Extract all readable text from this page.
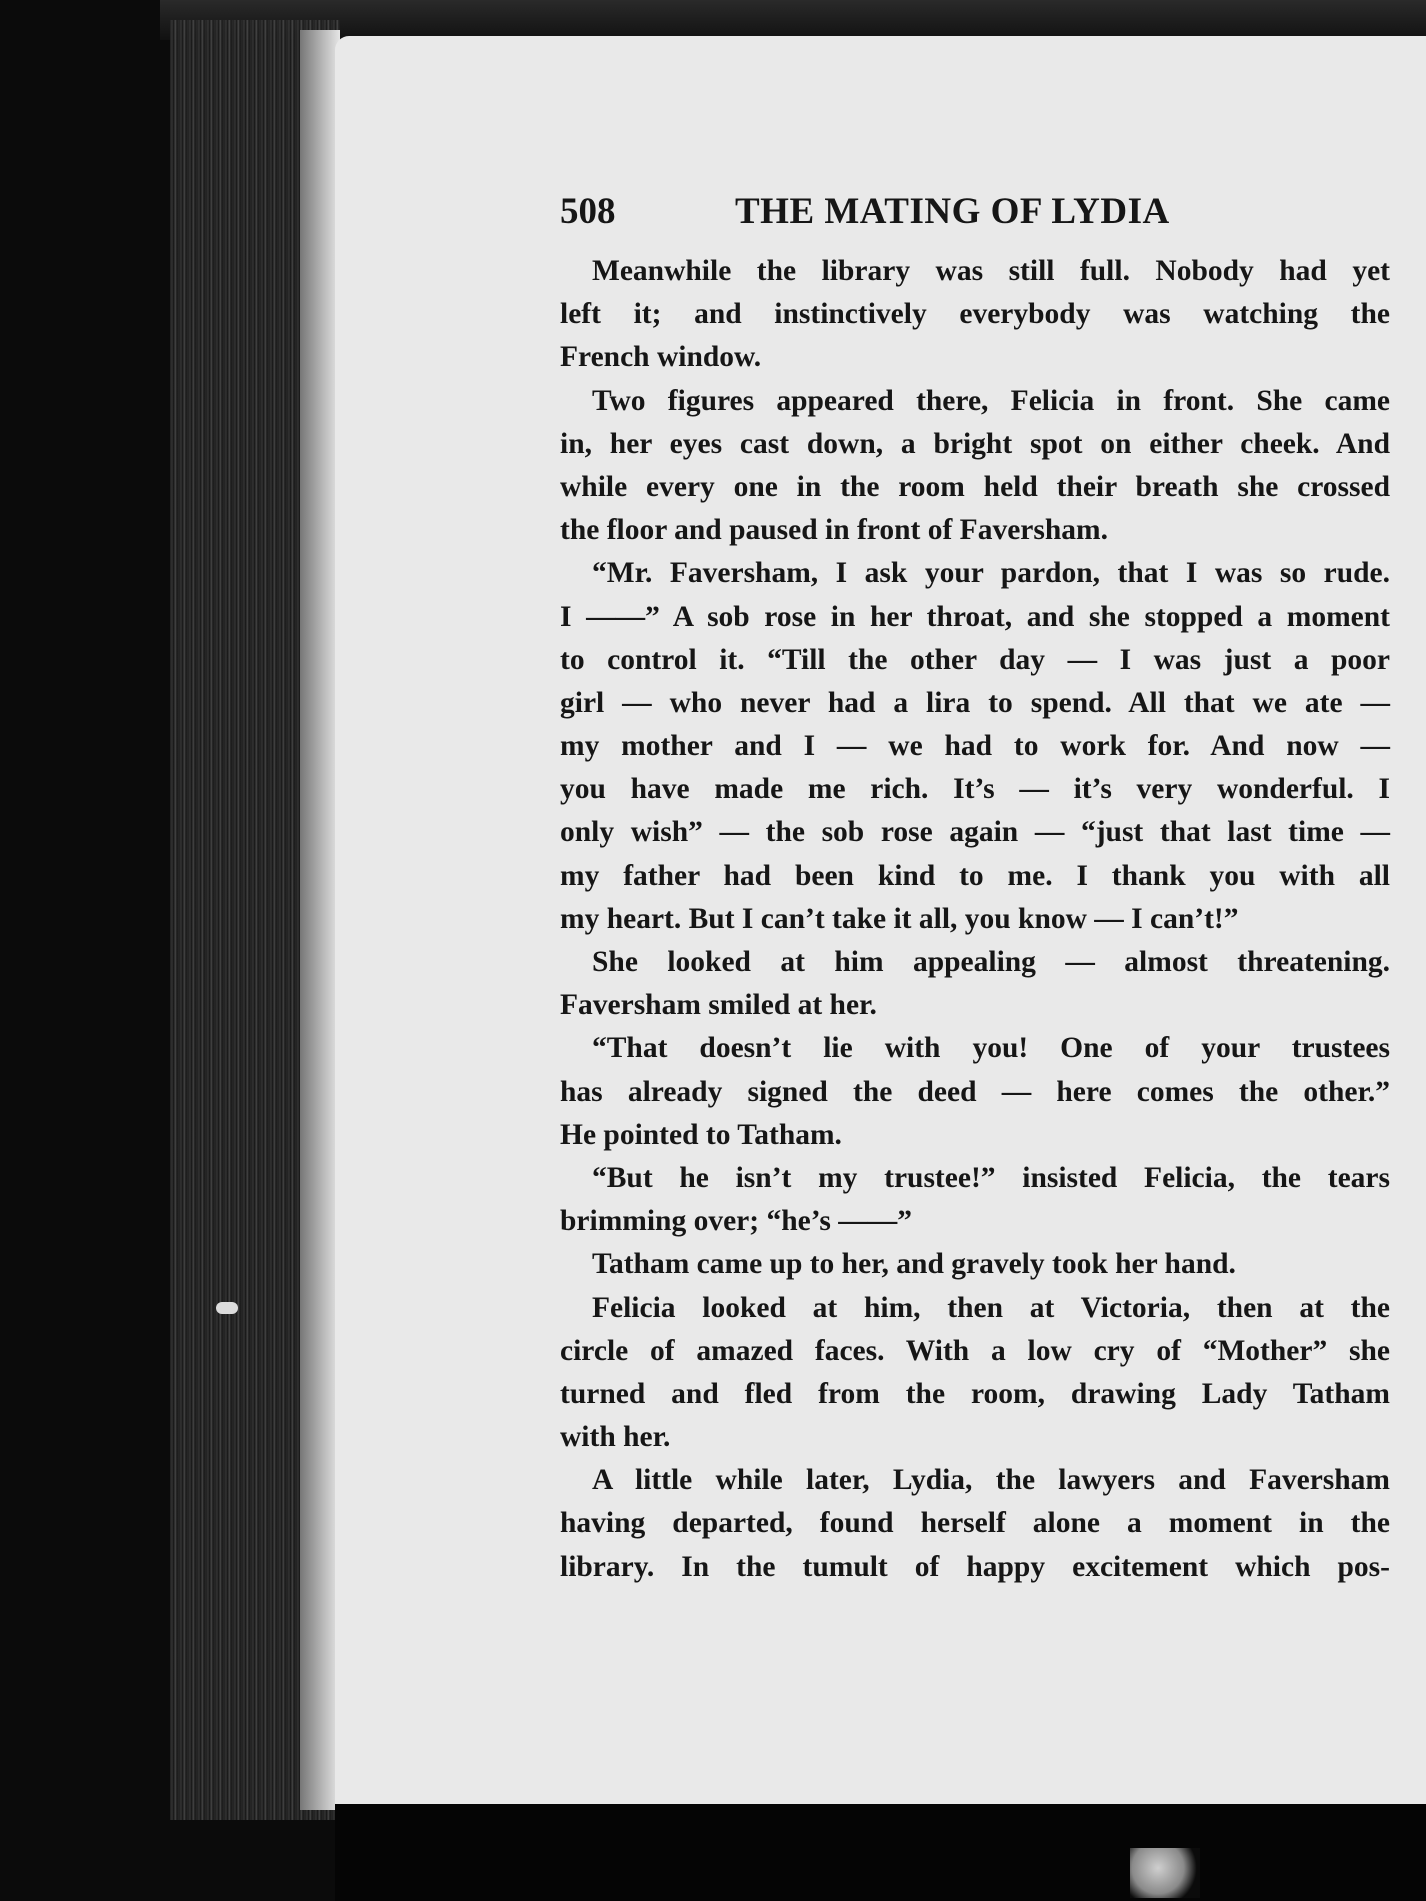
508	THE MATING OF LYDIA
Meanwhile the library was still full. Nobody had yet
left it; and instinctively everybody was watching the
French window.
Two figures appeared there, Felicia in front. She came
in, her eyes cast down, a bright spot on either cheek. And
while every one in the room held their breath she crossed
the floor and paused in front of Faversham.
“Mr. Faversham, I ask your pardon, that I was so rude.
I ——” A sob rose in her throat, and she stopped a moment
to control it. “Till the other day — I was just a poor
girl — who never had a lira to spend. All that we ate —
my mother and I — we had to work for. And now —
you have made me rich. It’s — it’s very wonderful. I
only wish” — the sob rose again — “just that last time —
my father had been kind to me. I thank you with all
my heart. But I can’t take it all, you know — I can’t!”
She looked at him appealing — almost threatening.
Faversham smiled at her.
“That doesn’t lie with you! One of your trustees
has already signed the deed — here comes the other.”
He pointed to Tatham.
“But he isn’t my trustee!” insisted Felicia, the tears
brimming over; “he’s ——”
Tatham came up to her, and gravely took her hand.
Felicia looked at him, then at Victoria, then at the
circle of amazed faces. With a low cry of “Mother” she
turned and fled from the room, drawing Lady Tatham
with her.
A little while later, Lydia, the lawyers and Faversham
having departed, found herself alone a moment in the
library. In the tumult of happy excitement which pos-
